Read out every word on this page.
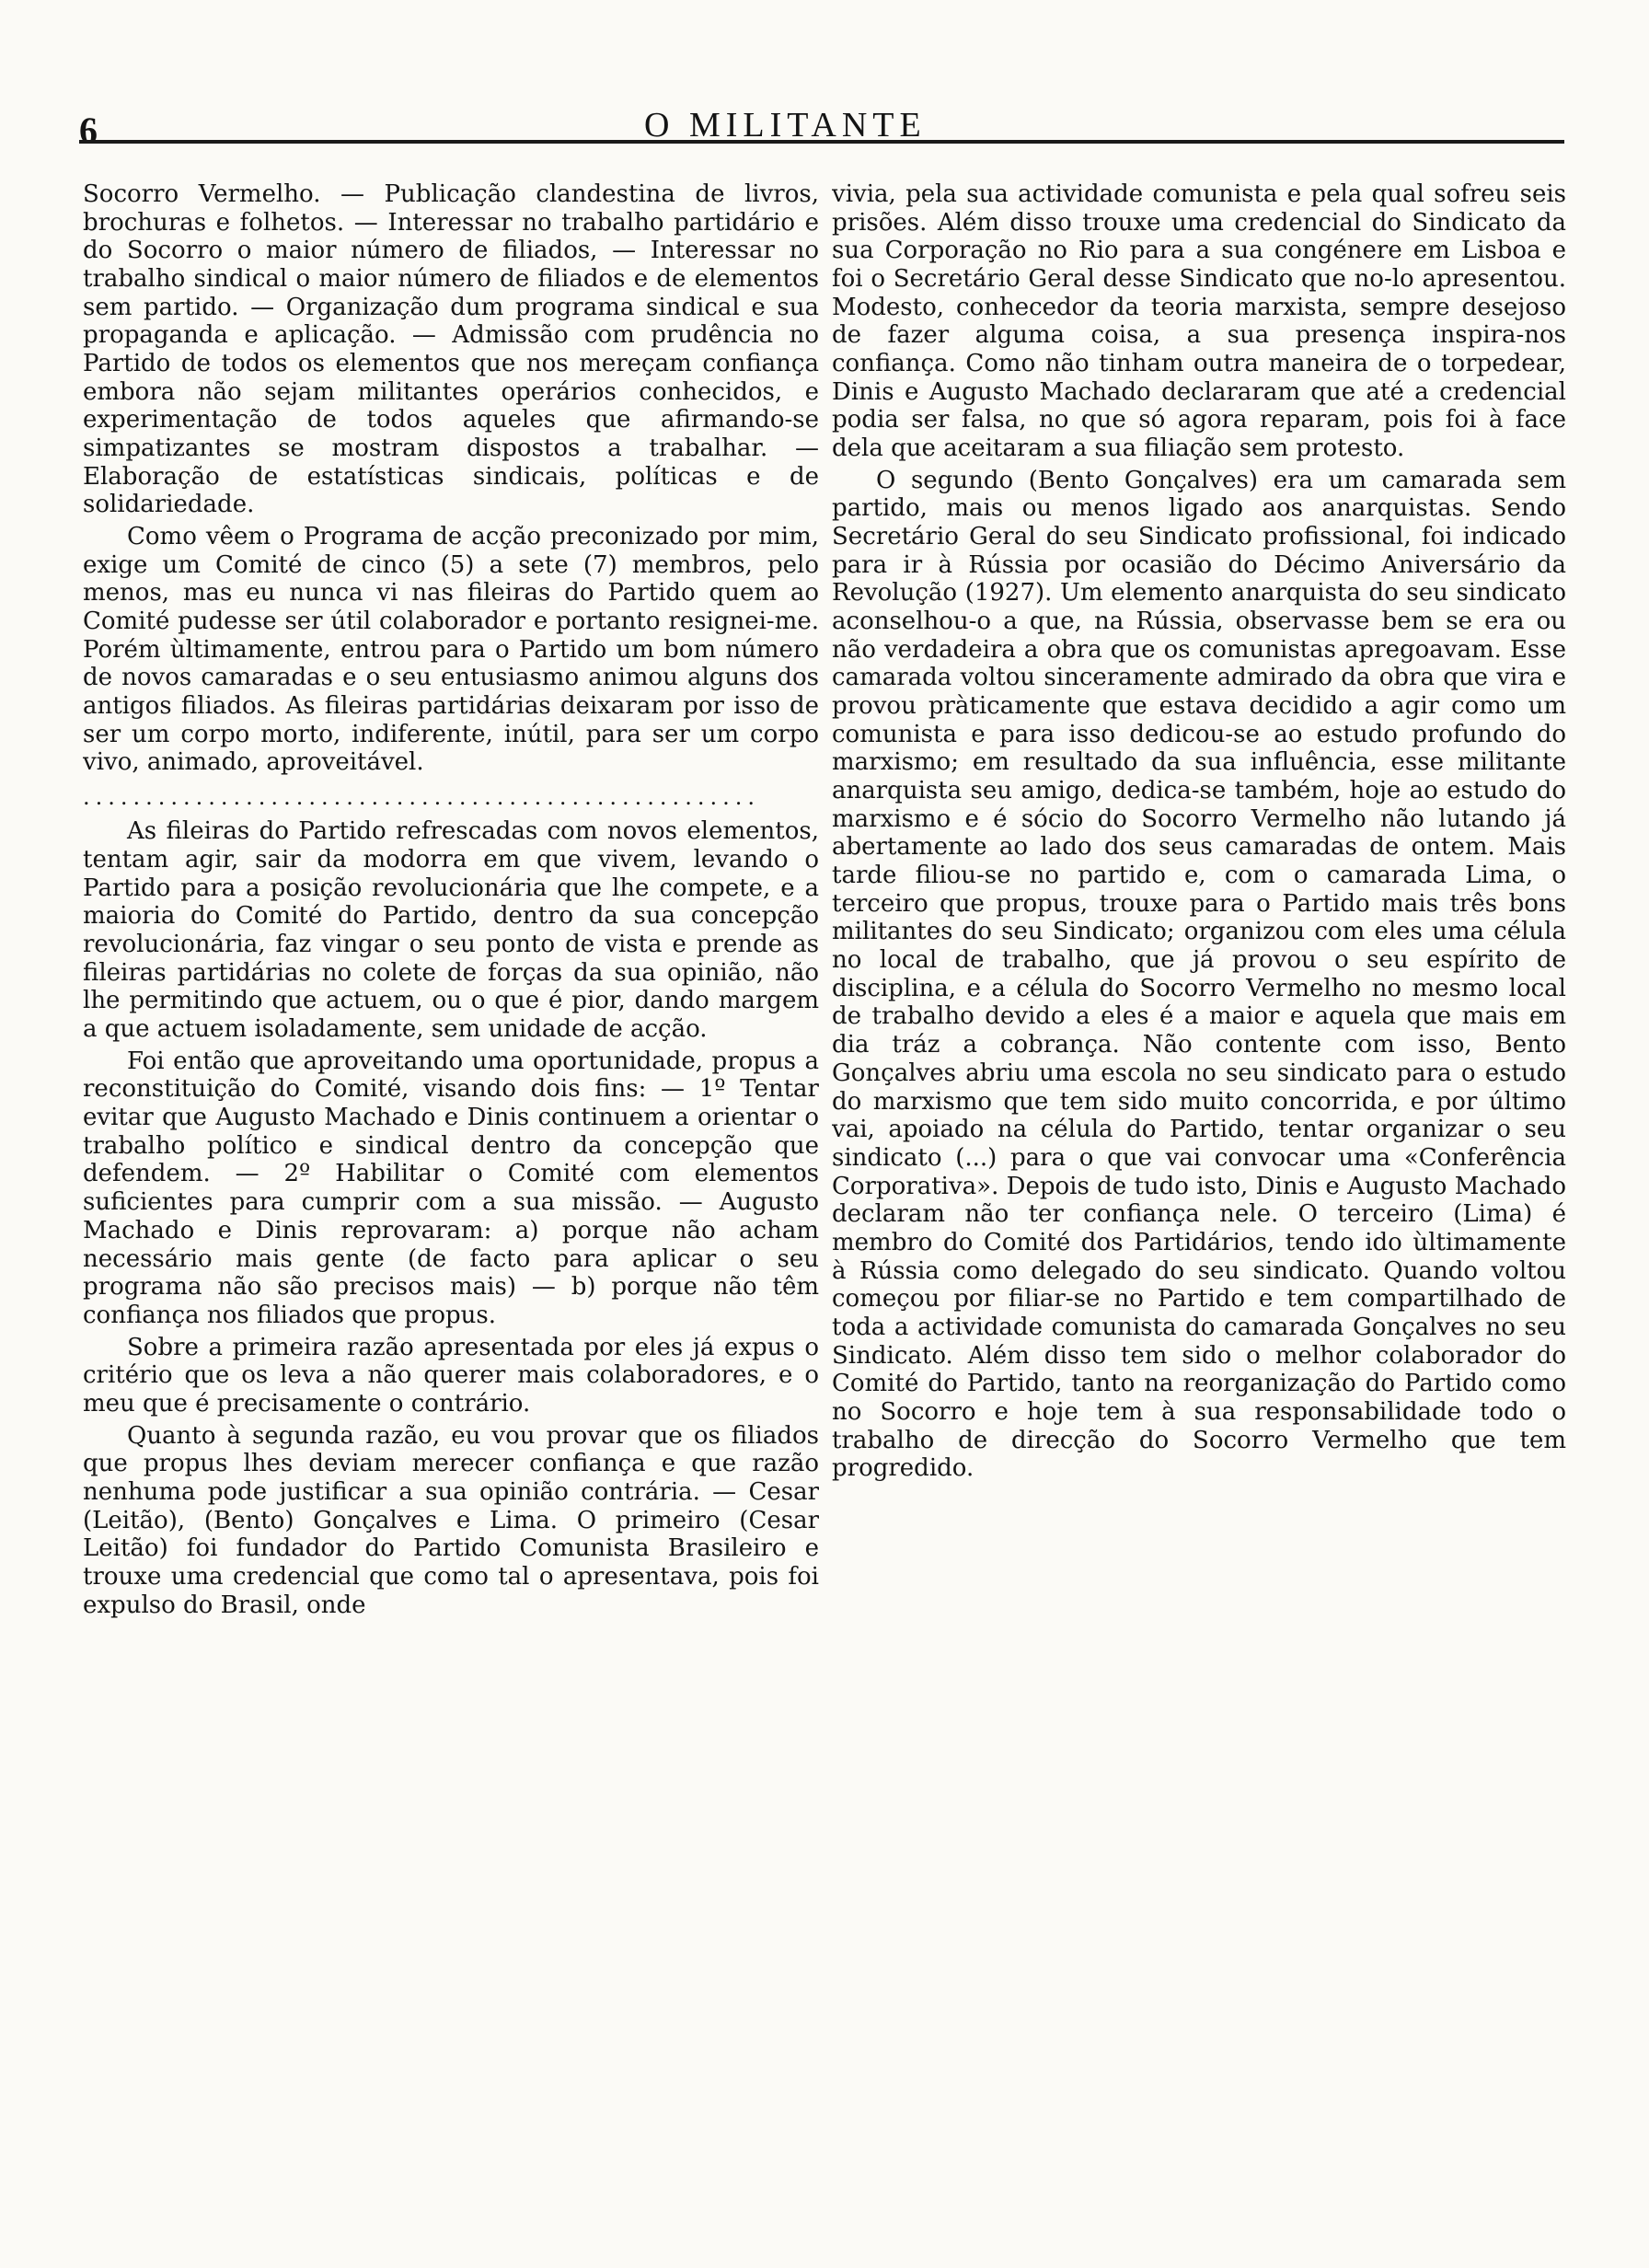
6	O MILITANTE

Socorro Vermelho. — Publicação clandestina de livros, brochuras e folhetos. — Interessar no trabalho partidário e do Socorro o maior número de filiados, — Interessar no trabalho sindical o maior número de filiados e de elementos sem partido. — Organização dum programa sindical e sua propaganda e aplicação. — Admissão com prudência no Partido de todos os elementos que nos mereçam confiança embora não sejam militantes operários conhecidos, e experimentação de todos aqueles que afirmando-se simpatizantes se mostram dispostos a trabalhar. — Elaboração de estatísticas sindicais, políticas e de solidariedade.

Como vêem o Programa de acção preconizado por mim, exige um Comité de cinco (5) a sete (7) membros, pelo menos, mas eu nunca vi nas fileiras do Partido quem ao Comité pudesse ser útil colaborador e portanto resignei-me. Porém ùltimamente, entrou para o Partido um bom número de novos camaradas e o seu entusiasmo animou alguns dos antigos filiados. As fileiras partidárias deixaram por isso de ser um corpo morto, indiferente, inútil, para ser um corpo vivo, animado, aproveitável.

......................................................

As fileiras do Partido refrescadas com novos elementos, tentam agir, sair da modorra em que vivem, levando o Partido para a posição revolucionária que lhe compete, e a maioria do Comité do Partido, dentro da sua concepção revolucionária, faz vingar o seu ponto de vista e prende as fileiras partidárias no colete de forças da sua opinião, não lhe permitindo que actuem, ou o que é pior, dando margem a que actuem isoladamente, sem unidade de acção.

Foi então que aproveitando uma oportunidade, propus a reconstituição do Comité, visando dois fins: — 1º Tentar evitar que Augusto Machado e Dinis continuem a orientar o trabalho político e sindical dentro da concepção que defendem. — 2º Habilitar o Comité com elementos suficientes para cumprir com a sua missão. — Augusto Machado e Dinis reprovaram: a) porque não acham necessário mais gente (de facto para aplicar o seu programa não são precisos mais) — b) porque não têm confiança nos filiados que propus.

Sobre a primeira razão apresentada por eles já expus o critério que os leva a não querer mais colaboradores, e o meu que é precisamente o contrário.

Quanto à segunda razão, eu vou provar que os filiados que propus lhes deviam merecer confiança e que razão nenhuma pode justificar a sua opinião contrária. — Cesar (Leitão), (Bento) Gonçalves e Lima. O primeiro (Cesar Leitão) foi fundador do Partido Comunista Brasileiro e trouxe uma credencial que como tal o apresentava, pois foi expulso do Brasil, onde

vivia, pela sua actividade comunista e pela qual sofreu seis prisões. Além disso trouxe uma credencial do Sindicato da sua Corporação no Rio para a sua congénere em Lisboa e foi o Secretário Geral desse Sindicato que no-lo apresentou. Modesto, conhecedor da teoria marxista, sempre desejoso de fazer alguma coisa, a sua presença inspira-nos confiança. Como não tinham outra maneira de o torpedear, Dinis e Augusto Machado declararam que até a credencial podia ser falsa, no que só agora reparam, pois foi à face dela que aceitaram a sua filiação sem protesto.

O segundo (Bento Gonçalves) era um camarada sem partido, mais ou menos ligado aos anarquistas. Sendo Secretário Geral do seu Sindicato profissional, foi indicado para ir à Rússia por ocasião do Décimo Aniversário da Revolução (1927). Um elemento anarquista do seu sindicato aconselhou-o a que, na Rússia, observasse bem se era ou não verdadeira a obra que os comunistas apregoavam. Esse camarada voltou sinceramente admirado da obra que vira e provou pràticamente que estava decidido a agir como um comunista e para isso dedicou-se ao estudo profundo do marxismo; em resultado da sua influência, esse militante anarquista seu amigo, dedica-se também, hoje ao estudo do marxismo e é sócio do Socorro Vermelho não lutando já abertamente ao lado dos seus camaradas de ontem. Mais tarde filiou-se no partido e, com o camarada Lima, o terceiro que propus, trouxe para o Partido mais três bons militantes do seu Sindicato; organizou com eles uma célula no local de trabalho, que já provou o seu espírito de disciplina, e a célula do Socorro Vermelho no mesmo local de trabalho devido a eles é a maior e aquela que mais em dia tráz a cobrança. Não contente com isso, Bento Gonçalves abriu uma escola no seu sindicato para o estudo do marxismo que tem sido muito concorrida, e por último vai, apoiado na célula do Partido, tentar organizar o seu sindicato (...) para o que vai convocar uma «Conferência Corporativa». Depois de tudo isto, Dinis e Augusto Machado declaram não ter confiança nele. O terceiro (Lima) é membro do Comité dos Partidários, tendo ido ùltimamente à Rússia como delegado do seu sindicato. Quando voltou começou por filiar-se no Partido e tem compartilhado de toda a actividade comunista do camarada Gonçalves no seu Sindicato. Além disso tem sido o melhor colaborador do Comité do Partido, tanto na reorganização do Partido como no Socorro e hoje tem à sua responsabilidade todo o trabalho de direcção do Socorro Vermelho que tem progredido.
